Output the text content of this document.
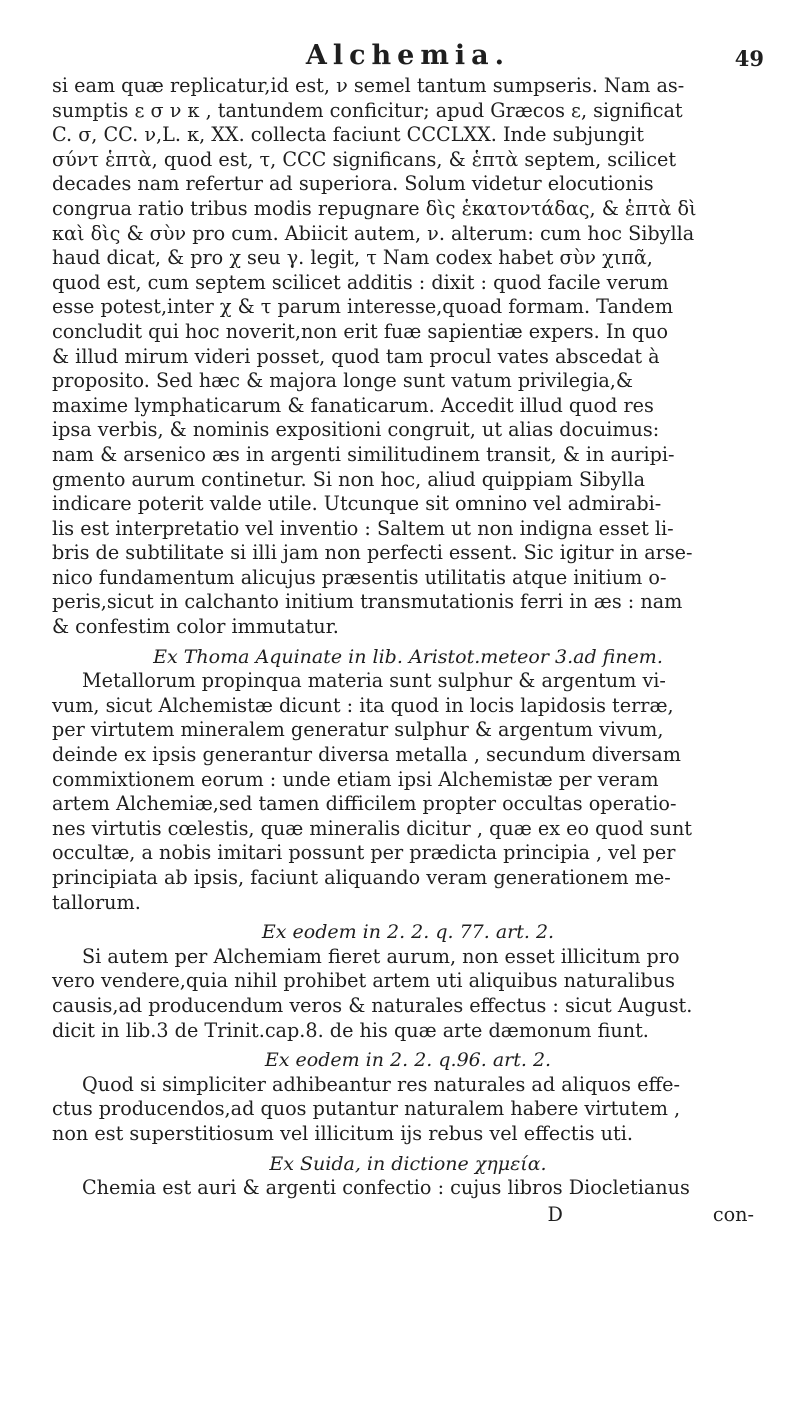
Alchemia.	49

si eam quæ replicatur,id est, ν semel tantum sumpseris. Nam as-
sumptis ε σ ν κ , tantundem conficitur; apud Græcos ε, significat
C. σ, CC. ν,L. κ, XX. collecta faciunt CCCLXX. Inde subjungit
σύντ ἑπτὰ, quod est, τ, CCC significans, & ἑπτὰ septem, scilicet
decades nam refertur ad superiora. Solum videtur elocutionis
congrua ratio tribus modis repugnare δὶς ἑκατοντάδας, & ἑπτὰ δὶ
καὶ δὶς & σὺν pro cum. Abiicit autem, ν. alterum: cum hoc Sibylla
haud dicat, & pro χ seu γ. legit, τ Nam codex habet σὺν χιπᾶ,
quod est, cum septem scilicet additis : dixit : quod facile verum
esse potest,inter χ & τ parum interesse,quoad formam. Tandem
concludit qui hoc noverit,non erit fuæ sapientiæ expers. In quo
& illud mirum videri posset, quod tam procul vates abscedat à
proposito. Sed hæc & majora longe sunt vatum privilegia,&
maxime lymphaticarum & fanaticarum. Accedit illud quod res
ipsa verbis, & nominis expositioni congruit, ut alias docuimus:
nam & arsenico æs in argenti similitudinem transit, & in auripi-
gmento aurum continetur. Si non hoc, aliud quippiam Sibylla
indicare poterit valde utile. Utcunque sit omnino vel admirabi-
lis est interpretatio vel inventio : Saltem ut non indigna esset li-
bris de subtilitate si illi jam non perfecti essent. Sic igitur in arse-
nico fundamentum alicujus præsentis utilitatis atque initium o-
peris,sicut in calchanto initium transmutationis ferri in æs : nam
& confestim color immutatur.

Ex Thoma Aquinate in lib. Aristot.meteor 3.ad finem.

Metallorum propinqua materia sunt sulphur & argentum vi-
vum, sicut Alchemistæ dicunt : ita quod in locis lapidosis terræ,
per virtutem mineralem generatur sulphur & argentum vivum,
deinde ex ipsis generantur diversa metalla , secundum diversam
commixtionem eorum : unde etiam ipsi Alchemistæ per veram
artem Alchemiæ,sed tamen difficilem propter occultas operatio-
nes virtutis cœlestis, quæ mineralis dicitur , quæ ex eo quod sunt
occultæ, a nobis imitari possunt per prædicta principia , vel per
principiata ab ipsis, faciunt aliquando veram generationem me-
tallorum.

Ex eodem in 2. 2. q. 77. art. 2.

Si autem per Alchemiam fieret aurum, non esset illicitum pro
vero vendere,quia nihil prohibet artem uti aliquibus naturalibus
causis,ad producendum veros & naturales effectus : sicut August.
dicit in lib.3 de Trinit.cap.8. de his quæ arte dæmonum fiunt.

Ex eodem in 2. 2. q.96. art. 2.

Quod si simpliciter adhibeantur res naturales ad aliquos effe-
ctus producendos,ad quos putantur naturalem habere virtutem ,
non est superstitiosum vel illicitum ijs rebus vel effectis uti.

Ex Suida, in dictione χημεία.

Chemia est auri & argenti confectio : cujus libros Diocletianus

D	con-
